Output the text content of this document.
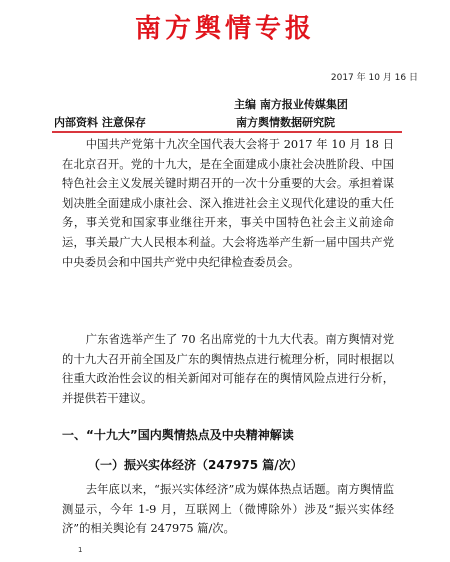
南方舆情专报
2017 年 10 月 16 日
主编 南方报业传媒集团
内部资料 注意保存	南方舆情数据研究院

中国共产党第十九次全国代表大会将于 2017 年 10 月 18 日在北京召开。党的十九大，是在全面建成小康社会决胜阶段、中国特色社会主义发展关键时期召开的一次十分重要的大会。承担着谋划决胜全面建成小康社会、深入推进社会主义现代化建设的重大任务，事关党和国家事业继往开来，事关中国特色社会主义前途命运，事关最广大人民根本利益。大会将选举产生新一届中国共产党中央委员会和中国共产党中央纪律检查委员会。

广东省选举产生了 70 名出席党的十九大代表。南方舆情对党的十九大召开前全国及广东的舆情热点进行梳理分析，同时根据以往重大政治性会议的相关新闻对可能存在的舆情风险点进行分析，并提供若干建议。

一、“十九大”国内舆情热点及中央精神解读
（一）振兴实体经济（247975 篇/次）

去年底以来，“振兴实体经济”成为媒体热点话题。南方舆情监测显示，今年 1-9 月，互联网上（微博除外）涉及“振兴实体经济”的相关舆论有 247975 篇/次。

1
